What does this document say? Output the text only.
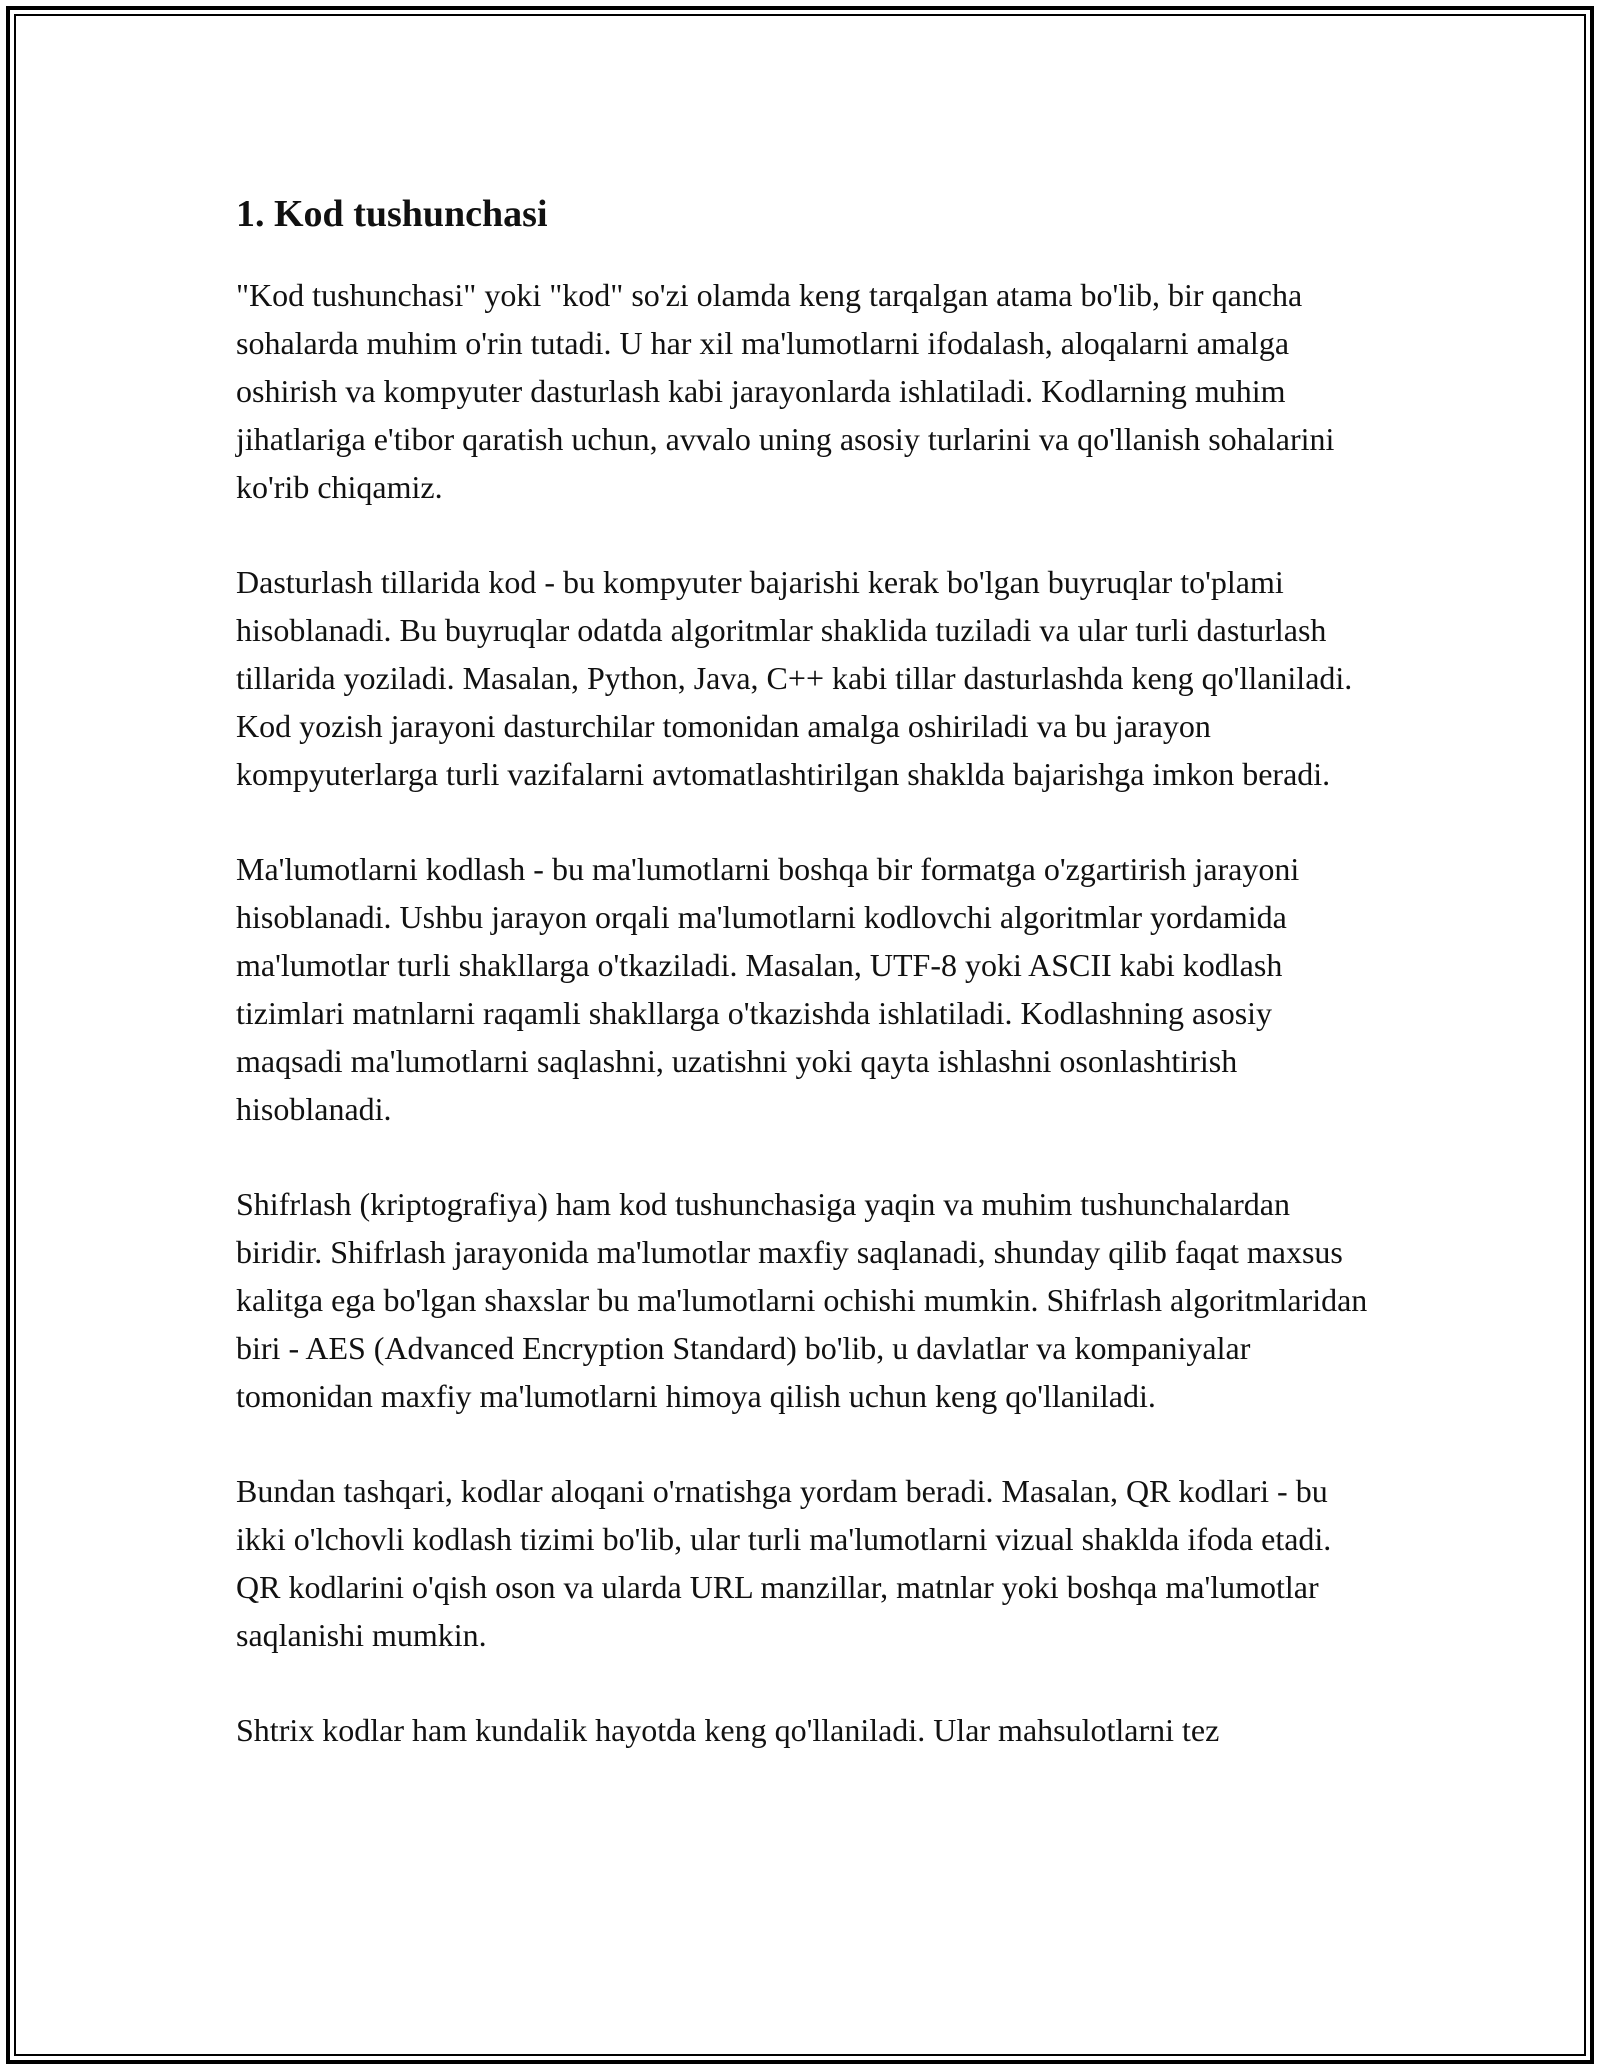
1. Kod tushunchasi

"Kod tushunchasi" yoki "kod" so'zi olamda keng tarqalgan atama bo'lib, bir qancha sohalarda muhim o'rin tutadi. U har xil ma'lumotlarni ifodalash, aloqalarni amalga oshirish va kompyuter dasturlash kabi jarayonlarda ishlatiladi. Kodlarning muhim jihatlariga e'tibor qaratish uchun, avvalo uning asosiy turlarini va qo'llanish sohalarini ko'rib chiqamiz.

Dasturlash tillarida kod - bu kompyuter bajarishi kerak bo'lgan buyruqlar to'plami hisoblanadi. Bu buyruqlar odatda algoritmlar shaklida tuziladi va ular turli dasturlash tillarida yoziladi. Masalan, Python, Java, C++ kabi tillar dasturlashda keng qo'llaniladi. Kod yozish jarayoni dasturchilar tomonidan amalga oshiriladi va bu jarayon kompyuterlarga turli vazifalarni avtomatlashtirilgan shaklda bajarishga imkon beradi.

Ma'lumotlarni kodlash - bu ma'lumotlarni boshqa bir formatga o'zgartirish jarayoni hisoblanadi. Ushbu jarayon orqali ma'lumotlarni kodlovchi algoritmlar yordamida ma'lumotlar turli shakllarga o'tkaziladi. Masalan, UTF-8 yoki ASCII kabi kodlash tizimlari matnlarni raqamli shakllarga o'tkazishda ishlatiladi. Kodlashning asosiy maqsadi ma'lumotlarni saqlashni, uzatishni yoki qayta ishlashni osonlashtirish hisoblanadi.

Shifrlash (kriptografiya) ham kod tushunchasiga yaqin va muhim tushunchalardan biridir. Shifrlash jarayonida ma'lumotlar maxfiy saqlanadi, shunday qilib faqat maxsus kalitga ega bo'lgan shaxslar bu ma'lumotlarni ochishi mumkin. Shifrlash algoritmlaridan biri - AES (Advanced Encryption Standard) bo'lib, u davlatlar va kompaniyalar tomonidan maxfiy ma'lumotlarni himoya qilish uchun keng qo'llaniladi.

Bundan tashqari, kodlar aloqani o'rnatishga yordam beradi. Masalan, QR kodlari - bu ikki o'lchovli kodlash tizimi bo'lib, ular turli ma'lumotlarni vizual shaklda ifoda etadi. QR kodlarini o'qish oson va ularda URL manzillar, matnlar yoki boshqa ma'lumotlar saqlanishi mumkin.

Shtrix kodlar ham kundalik hayotda keng qo'llaniladi. Ular mahsulotlarni tez
